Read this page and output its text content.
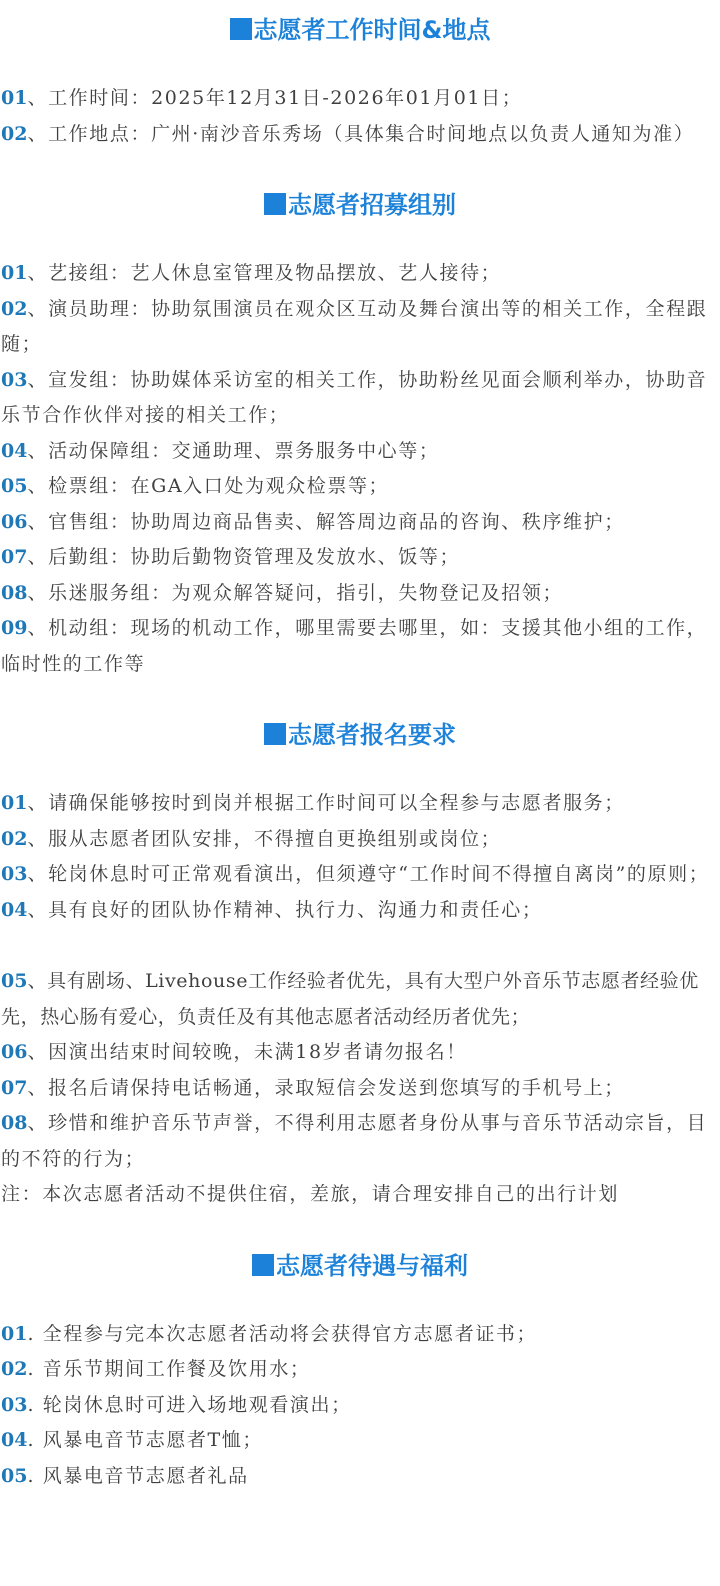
志愿者工作时间&地点

01、工作时间：2025年12月31日-2026年01月01日；

02、工作地点：广州·南沙音乐秀场（具体集合时间地点以负责人通知为准）

志愿者招募组别

01、艺接组：艺人休息室管理及物品摆放、艺人接待；

02、演员助理：协助氛围演员在观众区互动及舞台演出等的相关工作，全程跟随；

03、宣发组：协助媒体采访室的相关工作，协助粉丝见面会顺利举办，协助音乐节合作伙伴对接的相关工作；

04、活动保障组：交通助理、票务服务中心等；

05、检票组：在GA入口处为观众检票等；

06、官售组：协助周边商品售卖、解答周边商品的咨询、秩序维护；

07、后勤组：协助后勤物资管理及发放水、饭等；

08、乐迷服务组：为观众解答疑问，指引，失物登记及招领；

09、机动组：现场的机动工作，哪里需要去哪里，如：支援其他小组的工作，临时性的工作等

志愿者报名要求

01、请确保能够按时到岗并根据工作时间可以全程参与志愿者服务；

02、服从志愿者团队安排，不得擅自更换组别或岗位；

03、轮岗休息时可正常观看演出，但须遵守“工作时间不得擅自离岗”的原则；

04、具有良好的团队协作精神、执行力、沟通力和责任心；

05、具有剧场、Livehouse工作经验者优先，具有大型户外音乐节志愿者经验优先，热心肠有爱心，负责任及有其他志愿者活动经历者优先；

06、因演出结束时间较晚，未满18岁者请勿报名！

07、报名后请保持电话畅通，录取短信会发送到您填写的手机号上；

08、珍惜和维护音乐节声誉，不得利用志愿者身份从事与音乐节活动宗旨，目的不符的行为；

注：本次志愿者活动不提供住宿，差旅，请合理安排自己的出行计划

志愿者待遇与福利

01. 全程参与完本次志愿者活动将会获得官方志愿者证书；

02. 音乐节期间工作餐及饮用水；

03. 轮岗休息时可进入场地观看演出；

04. 风暴电音节志愿者T恤；

05. 风暴电音节志愿者礼品
